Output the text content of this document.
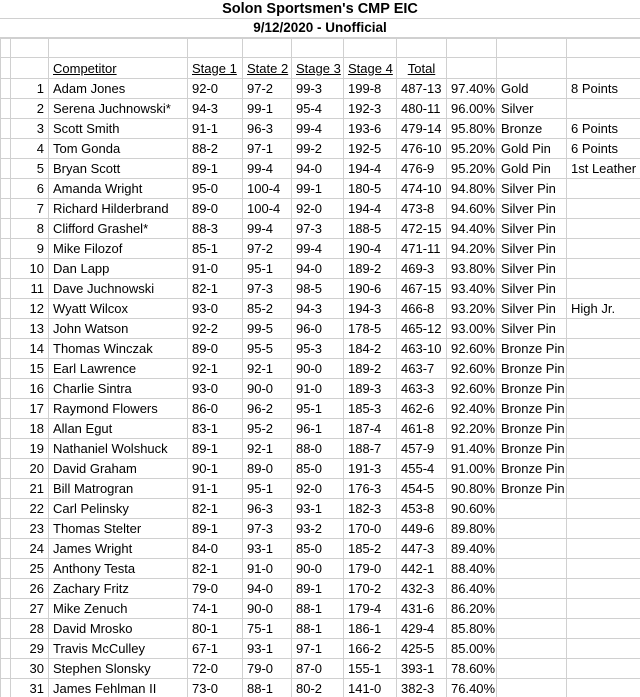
Solon Sportsmen's CMP EIC
9/12/2020 - Unofficial

		Competitor	Stage 1	State 2	Stage 3	Stage 4	Total			
	1	Adam Jones	92-0	97-2	99-3	199-8	487-13	97.40%	Gold	8 Points
	2	Serena Juchnowski*	94-3	99-1	95-4	192-3	480-11	96.00%	Silver	
	3	Scott Smith	91-1	96-3	99-4	193-6	479-14	95.80%	Bronze	6 Points
	4	Tom Gonda	88-2	97-1	99-2	192-5	476-10	95.20%	Gold Pin	6 Points
	5	Bryan Scott	89-1	99-4	94-0	194-4	476-9	95.20%	Gold Pin	1st Leather
	6	Amanda Wright	95-0	100-4	99-1	180-5	474-10	94.80%	Silver Pin	
	7	Richard Hilderbrand	89-0	100-4	92-0	194-4	473-8	94.60%	Silver Pin	
	8	Clifford Grashel*	88-3	99-4	97-3	188-5	472-15	94.40%	Silver Pin	
	9	Mike Filozof	85-1	97-2	99-4	190-4	471-11	94.20%	Silver Pin	
	10	Dan Lapp	91-0	95-1	94-0	189-2	469-3	93.80%	Silver Pin	
	11	Dave Juchnowski	82-1	97-3	98-5	190-6	467-15	93.40%	Silver Pin	
	12	Wyatt Wilcox	93-0	85-2	94-3	194-3	466-8	93.20%	Silver Pin	High Jr.
	13	John Watson	92-2	99-5	96-0	178-5	465-12	93.00%	Silver Pin	
	14	Thomas Winczak	89-0	95-5	95-3	184-2	463-10	92.60%	Bronze Pin	
	15	Earl Lawrence	92-1	92-1	90-0	189-2	463-7	92.60%	Bronze Pin	
	16	Charlie Sintra	93-0	90-0	91-0	189-3	463-3	92.60%	Bronze Pin	
	17	Raymond Flowers	86-0	96-2	95-1	185-3	462-6	92.40%	Bronze Pin	
	18	Allan Egut	83-1	95-2	96-1	187-4	461-8	92.20%	Bronze Pin	
	19	Nathaniel Wolshuck	89-1	92-1	88-0	188-7	457-9	91.40%	Bronze Pin	
	20	David Graham	90-1	89-0	85-0	191-3	455-4	91.00%	Bronze Pin	
	21	Bill Matrogran	91-1	95-1	92-0	176-3	454-5	90.80%	Bronze Pin	
	22	Carl Pelinsky	82-1	96-3	93-1	182-3	453-8	90.60%		
	23	Thomas Stelter	89-1	97-3	93-2	170-0	449-6	89.80%		
	24	James Wright	84-0	93-1	85-0	185-2	447-3	89.40%		
	25	Anthony Testa	82-1	91-0	90-0	179-0	442-1	88.40%		
	26	Zachary Fritz	79-0	94-0	89-1	170-2	432-3	86.40%		
	27	Mike Zenuch	74-1	90-0	88-1	179-4	431-6	86.20%		
	28	David Mrosko	80-1	75-1	88-1	186-1	429-4	85.80%		
	29	Travis McCulley	67-1	93-1	97-1	166-2	425-5	85.00%		
	30	Stephen Slonsky	72-0	79-0	87-0	155-1	393-1	78.60%		
	31	James Fehlman II	73-0	88-1	80-2	141-0	382-3	76.40%		
